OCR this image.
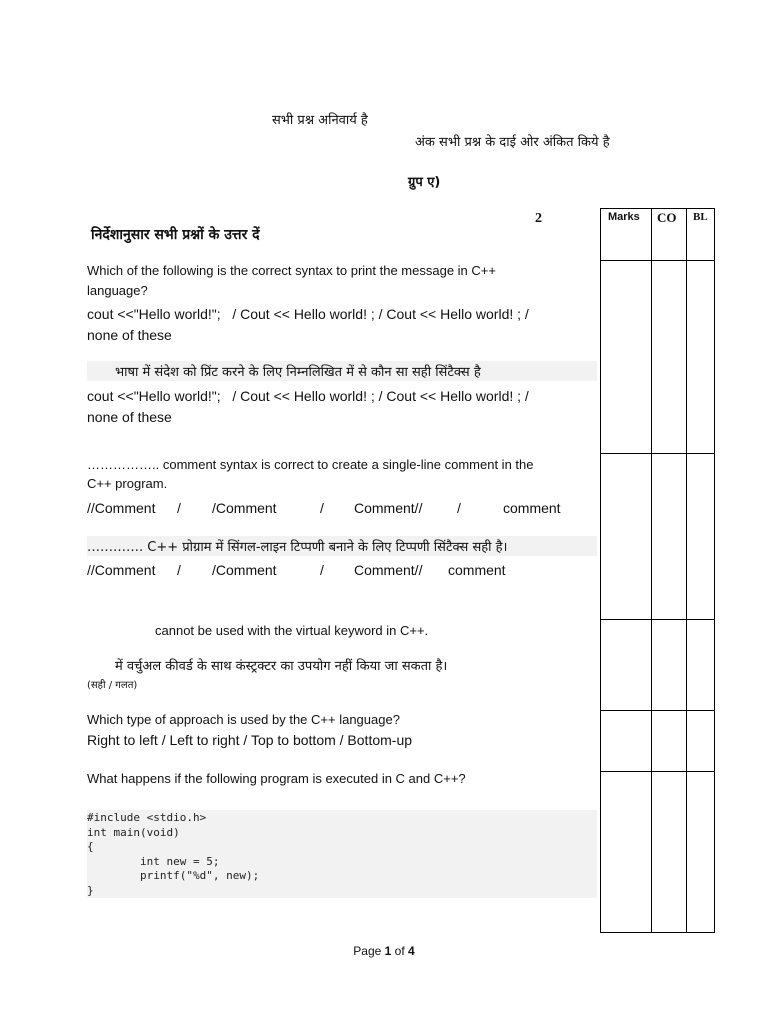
सभी प्रश्न अनिवार्य है
अंक सभी प्रश्न के दाई ओर अंकित किये है
ग्रुप ए)
निर्देशानुसार सभी प्रश्नों के उत्तर दें
2	Marks CO BL
Which of the following is the correct syntax to print the message in C++
language?
cout <<"Hello world!";   / Cout << Hello world! ; / Cout << Hello world! ; /
none of these
भाषा में संदेश को प्रिंट करने के लिए निम्नलिखित में से कौन सा सही सिंटैक्स है
cout <<"Hello world!";   / Cout << Hello world! ; / Cout << Hello world! ; /
none of these
…………….. comment syntax is correct to create a single-line comment in the
C++ program.
//Comment / /Comment	/ Comment// /	comment
…………. C++ प्रोग्राम में सिंगल-लाइन टिप्पणी बनाने के लिए टिप्पणी सिंटैक्स सही है।
//Comment / /Comment	/ Comment// comment
cannot be used with the virtual keyword in C++.
में वर्चुअल कीवर्ड के साथ कंस्ट्रक्टर का उपयोग नहीं किया जा सकता है।
(सही / गलत)
Which type of approach is used by the C++ language?
Right to left / Left to right / Top to bottom / Bottom-up
What happens if the following program is executed in C and C++?
#include <stdio.h>
int main(void)
{
int new = 5;
printf("%d", new);
}
Page 1 of 4
